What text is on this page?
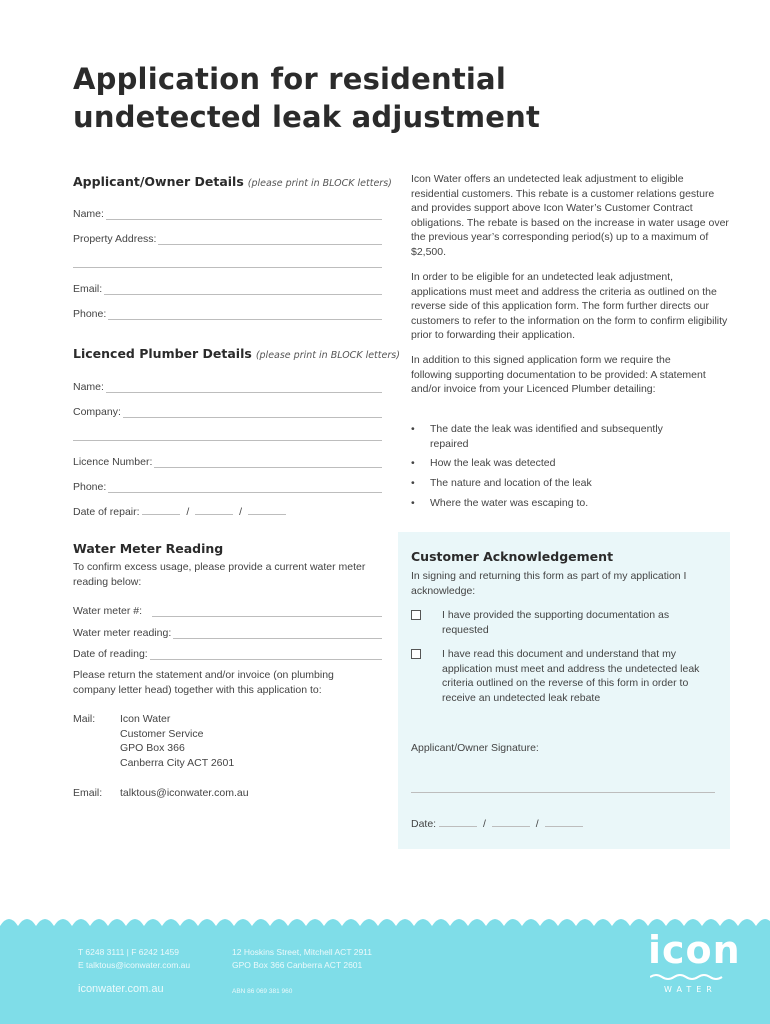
Application for residential undetected leak adjustment
Applicant/Owner Details (please print in BLOCK letters)
Name:
Property Address:
Email:
Phone:
Licenced Plumber Details (please print in BLOCK letters)
Name:
Company:
Licence Number:
Phone:
Date of repair:	/	/
Water Meter Reading
To confirm excess usage, please provide a current water meter reading below:
Water meter #:
Water meter reading:
Date of reading:
Please return the statement and/or invoice (on plumbing company letter head) together with this application to:
Mail: Icon Water
Customer Service
GPO Box 366
Canberra City ACT 2601
Email: talktous@iconwater.com.au
Icon Water offers an undetected leak adjustment to eligible residential customers. This rebate is a customer relations gesture and provides support above Icon Water’s Customer Contract obligations. The rebate is based on the increase in water usage over the previous year’s corresponding period(s) up to a maximum of $2,500.
In order to be eligible for an undetected leak adjustment, applications must meet and address the criteria as outlined on the reverse side of this application form. The form further directs our customers to refer to the information on the form to confirm eligibility prior to forwarding their application.
In addition to this signed application form we require the following supporting documentation to be provided: A statement and/or invoice from your Licenced Plumber detailing:
• The date the leak was identified and subsequently repaired
• How the leak was detected
• The nature and location of the leak
• Where the water was escaping to.
Customer Acknowledgement
In signing and returning this form as part of my application I acknowledge:
I have provided the supporting documentation as requested
I have read this document and understand that my application must meet and address the undetected leak criteria outlined on the reverse of this form in order to receive an undetected leak rebate
Applicant/Owner Signature:
Date:	/	/
T 6248 3111 | F 6242 1459
E talktous@iconwater.com.au
12 Hoskins Street, Mitchell ACT 2911
GPO Box 366 Canberra ACT 2601
iconwater.com.au	ABN 86 069 381 960
icon
WATER
